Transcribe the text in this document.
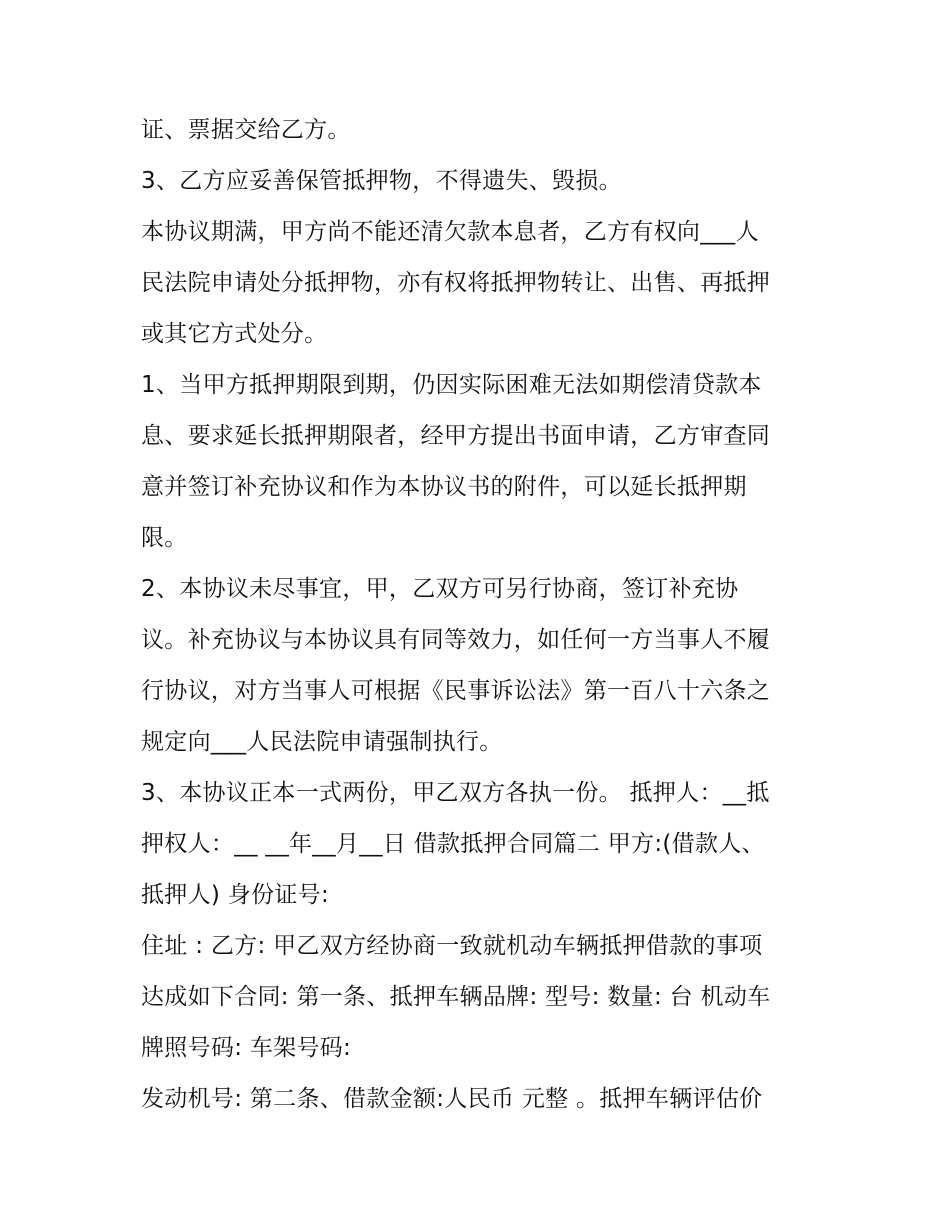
证、票据交给乙方。
3、乙方应妥善保管抵押物，不得遗失、毁损。
本协议期满，甲方尚不能还清欠款本息者，乙方有权向___人
民法院申请处分抵押物，亦有权将抵押物转让、出售、再抵押
或其它方式处分。
1、当甲方抵押期限到期，仍因实际困难无法如期偿清贷款本
息、要求延长抵押期限者，经甲方提出书面申请，乙方审查同
意并签订补充协议和作为本协议书的附件，可以延长抵押期
限。
2、本协议未尽事宜，甲，乙双方可另行协商，签订补充协
议。补充协议与本协议具有同等效力，如任何一方当事人不履
行协议，对方当事人可根据《民事诉讼法》第一百八十六条之
规定向___人民法院申请强制执行。
3、本协议正本一式两份，甲乙双方各执一份。 抵押人：__抵
押权人：__ __年__月__日 借款抵押合同篇二 甲方:(借款人、
抵押人) 身份证号:
住址 : 乙方: 甲乙双方经协商一致就机动车辆抵押借款的事项
达成如下合同: 第一条、抵押车辆品牌: 型号: 数量: 台 机动车
牌照号码: 车架号码:
发动机号: 第二条、借款金额:人民币 元整 。抵押车辆评估价
